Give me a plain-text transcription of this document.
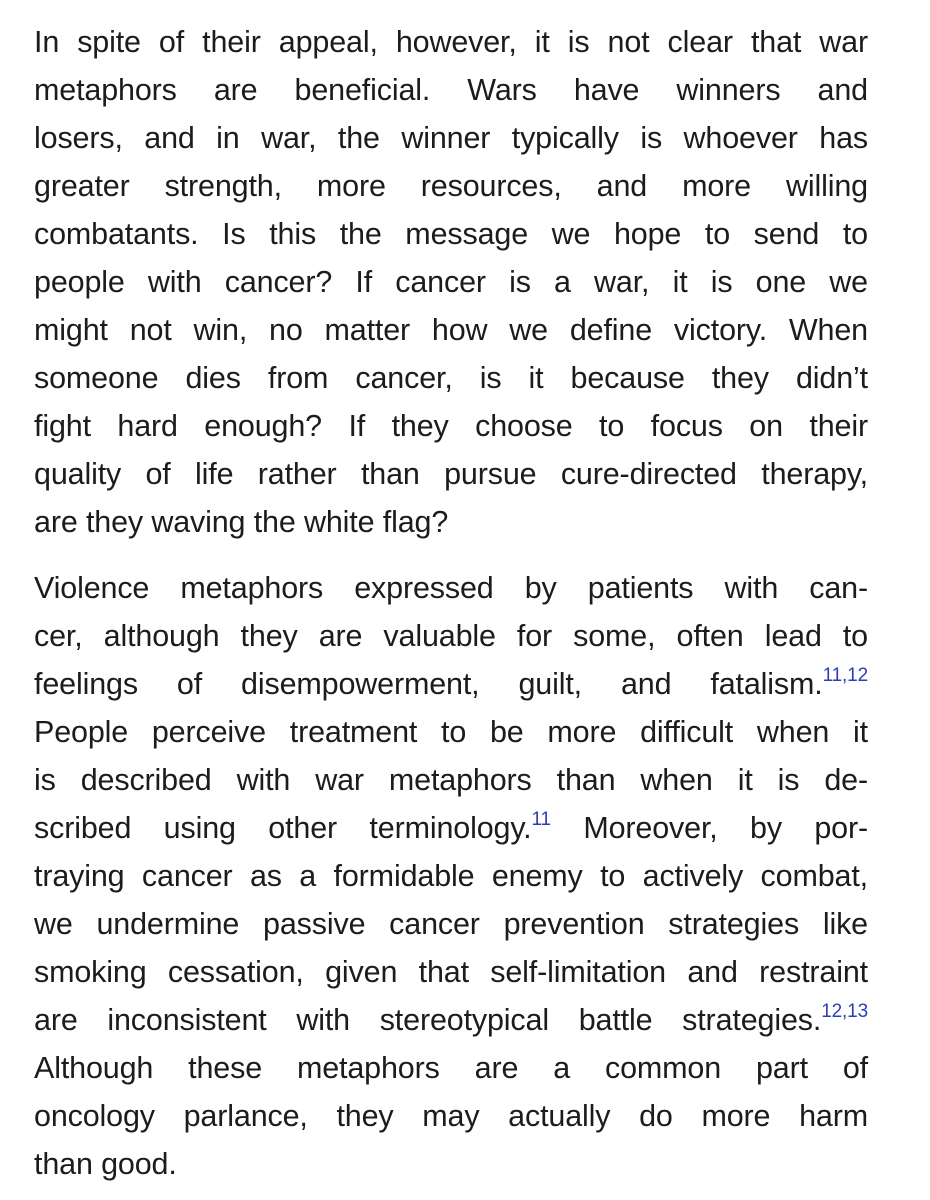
In spite of their appeal, however, it is not clear that war
metaphors are beneficial. Wars have winners and
losers, and in war, the winner typically is whoever has
greater strength, more resources, and more willing
combatants. Is this the message we hope to send to
people with cancer? If cancer is a war, it is one we
might not win, no matter how we define victory. When
someone dies from cancer, is it because they didn’t
fight hard enough? If they choose to focus on their
quality of life rather than pursue cure-directed therapy,
are they waving the white flag?

Violence metaphors expressed by patients with can-
cer, although they are valuable for some, often lead to
feelings of disempowerment, guilt, and fatalism.$^{11,12}$
People perceive treatment to be more difficult when it
is described with war metaphors than when it is de-
scribed using other terminology.$^{11}$ Moreover, by por-
traying cancer as a formidable enemy to actively combat,
we undermine passive cancer prevention strategies like
smoking cessation, given that self-limitation and restraint
are inconsistent with stereotypical battle strategies.$^{12,13}$
Although these metaphors are a common part of
oncology parlance, they may actually do more harm
than good.
